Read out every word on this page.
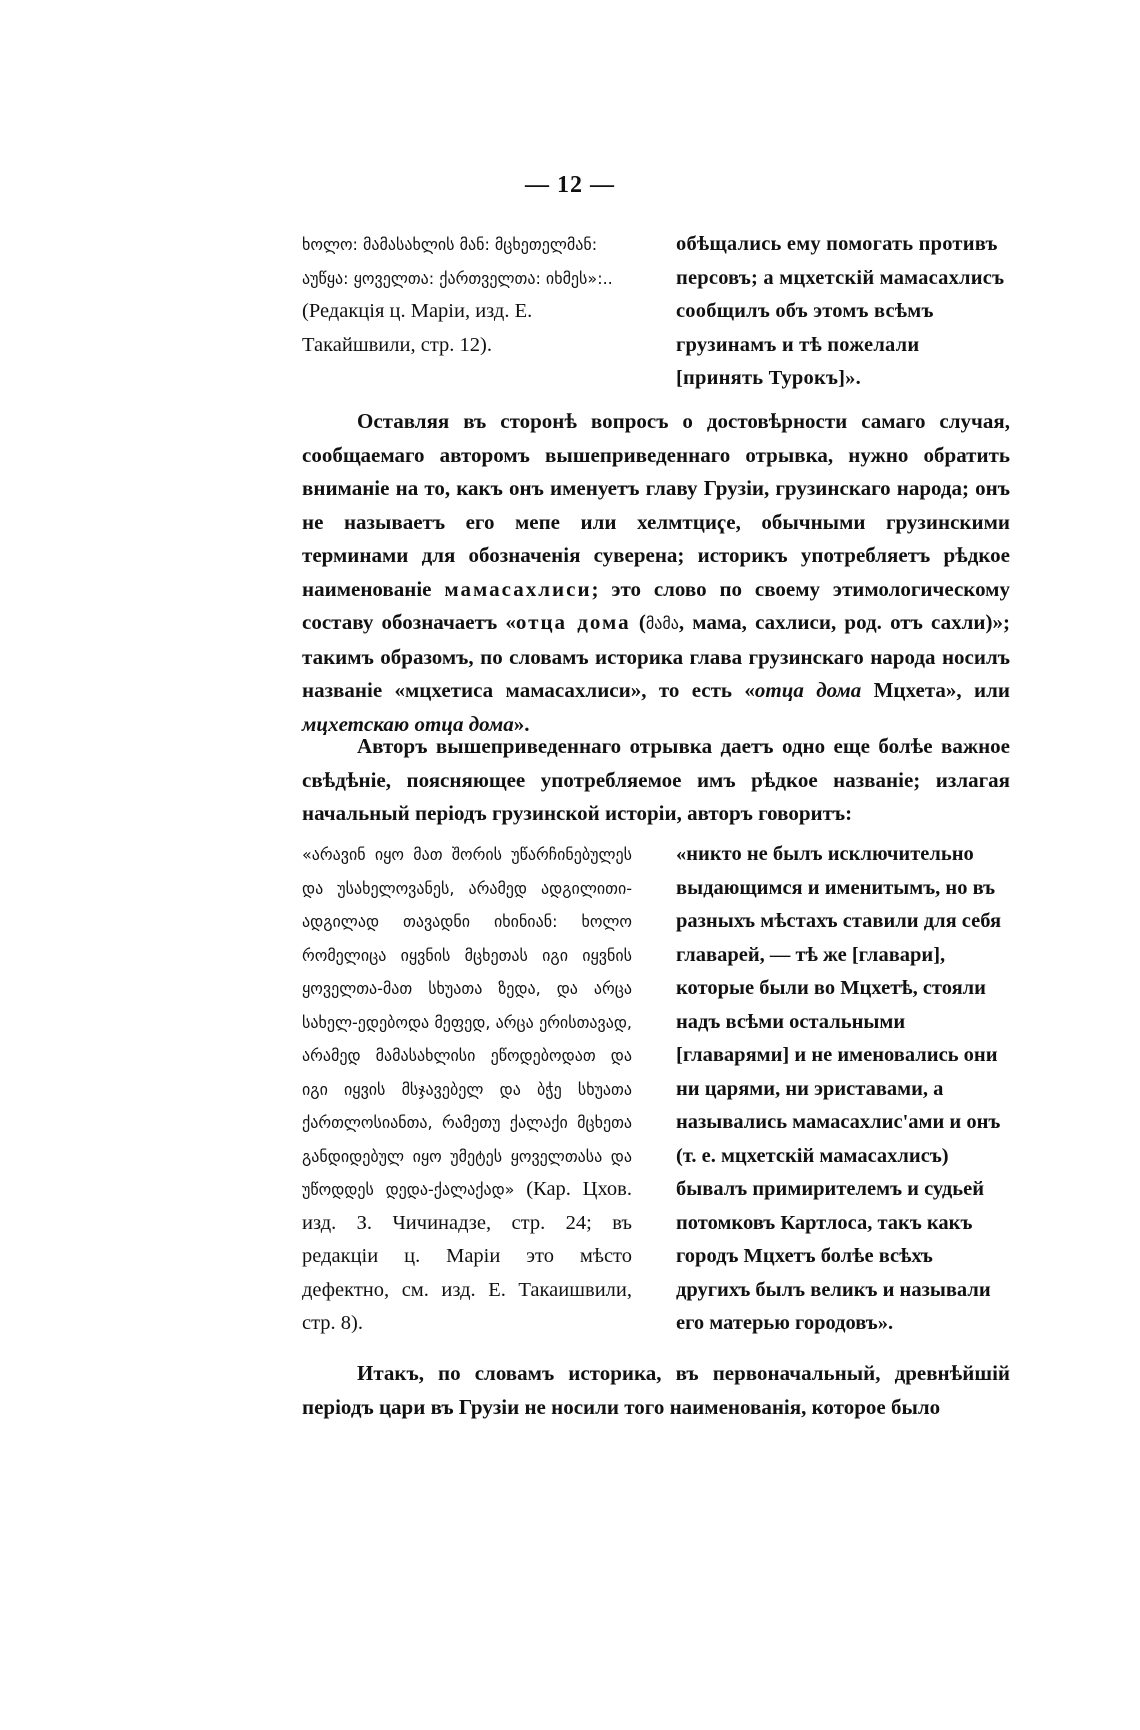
— 12 —

ხოლო: მამასახლის მან: მცხეთელმან: აუწყა: ყოველთა: ქართველთა: იხმეს»:..(Редакція ц. Маріи, изд. Е. Такайшвили, стр. 12).

обѣщались ему помогать противъ персовъ; а мцхетскій мамасахлисъ сообщилъ объ этомъ всѣмъ грузинамъ и тѣ пожелали [принять Турокъ]».

Оставляя въ сторонѣ вопросъ о достовѣрности самаго случая, сообщаемаго авторомъ вышеприведеннаго отрывка, нужно обратить вниманіе на то, какъ онъ именуетъ главу Грузіи, грузинскаго народа; онъ не называетъ его мепе или хелмтциҁе, обычными грузинскими терминами для обозначенія суверена; историкъ употребляетъ рѣдкое наименованіе мамасахлиси; это слово по своему этимологическому составу обозначаетъ «отца дома (მამა, мама, сахлиси, род. отъ сахли)»; такимъ образомъ, по словамъ историка глава грузинскаго народа носилъ названіе «мцхетиса мамасахлиси», то есть «отца дома Мцхета», или мцхетскаю отца дома».

Авторъ вышеприведеннаго отрывка даетъ одно еще болѣе важное свѣдѣніе, поясняющее употребляемое имъ рѣдкое названіе; излагая начальный періодъ грузинской исторіи, авторъ говоритъ:

«არავინ იყო მათ შორის უწარჩინებულეს და უსახელოვანეს, არამედ ადგილითი-ადგილად თავადნი იხინიან: ხოლო რომელიცა იყვნის მცხეთას იგი იყვნის ყოველთა-მათ სხუათა ზედა, და არცა სახელ-ედებოდა მეფედ, არცა ერისთავად, არამედ მამასახლისი ეწოდებოდათ და იგი იყვის მსჯავებელ და ბჭე სხუათა ქართლოსიანთა, რამეთუ ქალაქი მცხეთა განდიდებულ იყო უმეტეს ყოველთასა და უწოდდეს დედა-ქალაქად» (Кар. Цхов. изд. З. Чичинадзе, стр. 24; въ редакціи ц. Маріи это мѣсто дефектно, см. изд. Е. Такаишвили, стр. 8).

«никто не былъ исключительно выдающимся и именитымъ, но въ разныхъ мѣстахъ ставили для себя главарей, — тѣ же [главари], которые были во Мцхетѣ, стояли надъ всѣми остальными [главарями] и не именовались они ни царями, ни эриставами, а назывались мамасахлис'ами и онъ (т. е. мцхетскій мамасахлисъ) бывалъ примирителемъ и судьей потомковъ Картлоса, такъ какъ городъ Мцхетъ болѣе всѣхъ другихъ былъ великъ и называли его матерью городовъ».

Итакъ, по словамъ историка, въ первоначальный, древнѣйшій періодъ цари въ Грузіи не носили того наименованія, которое было
